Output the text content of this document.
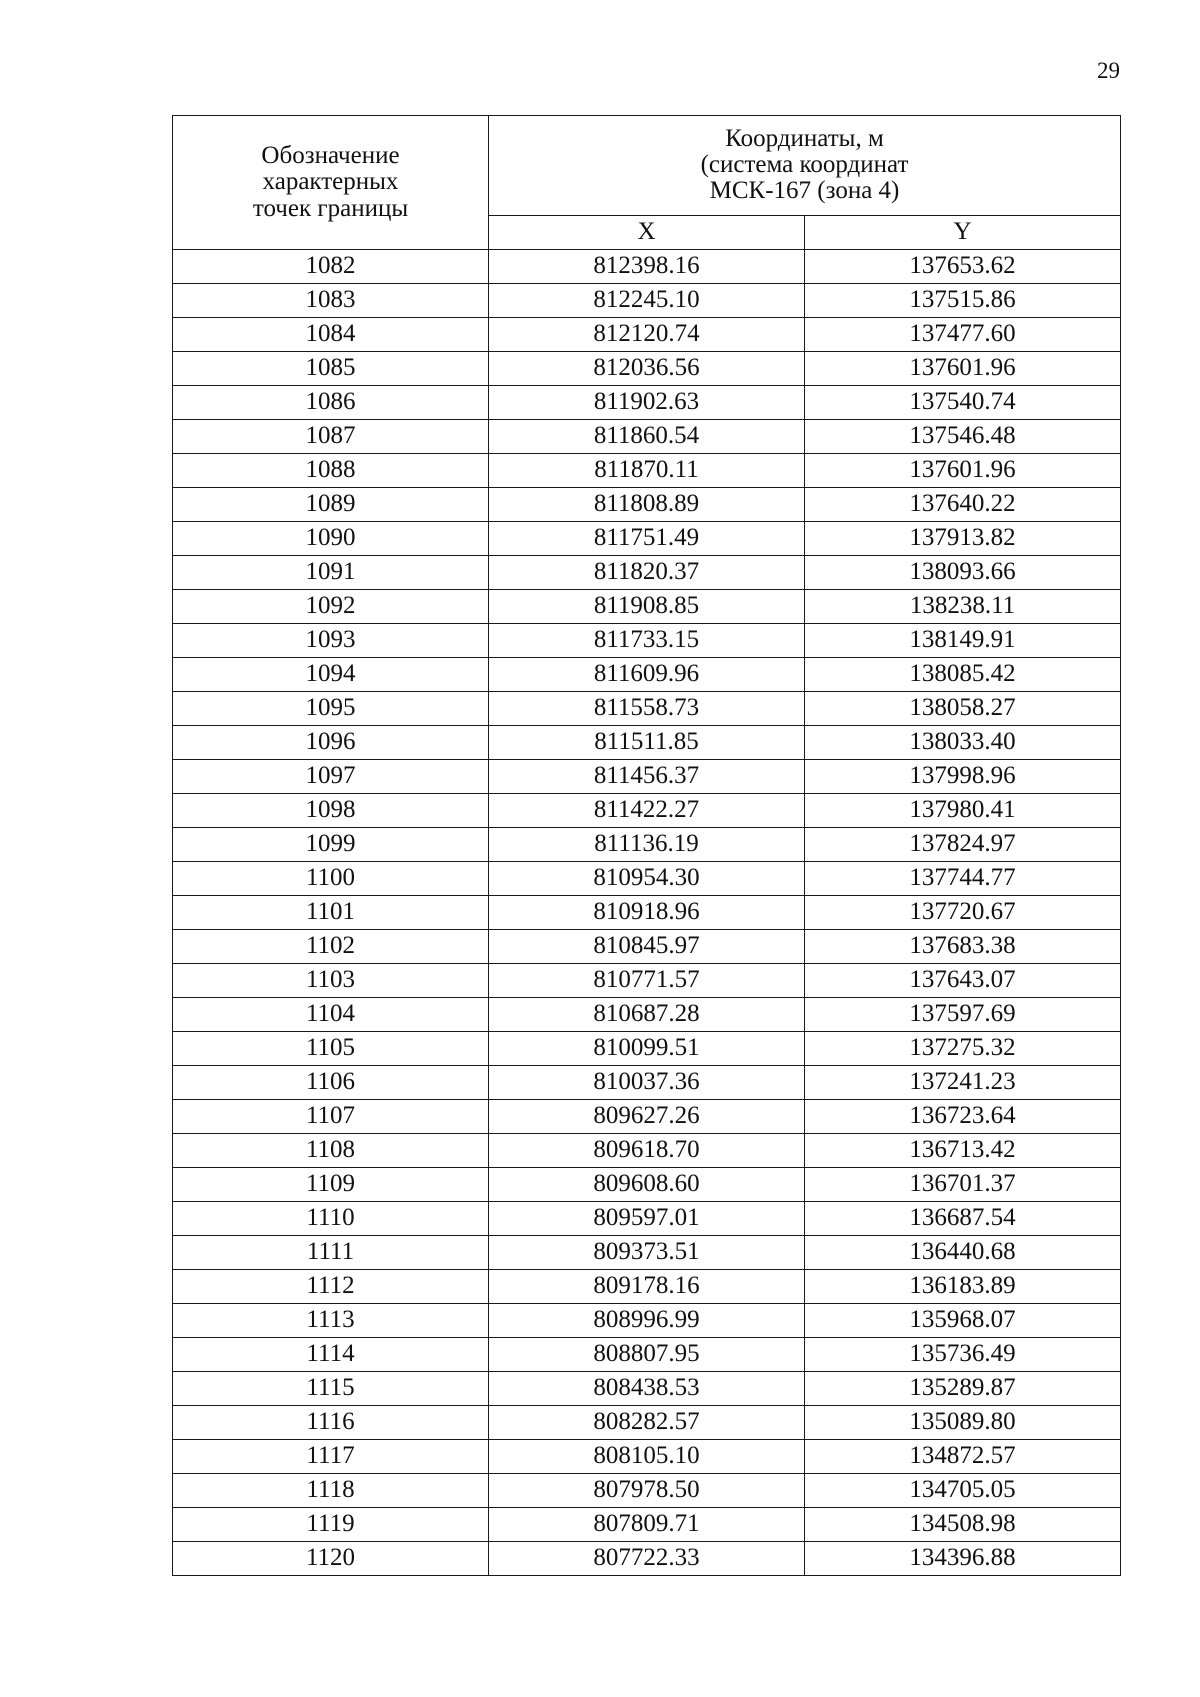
29
Обозначение
характерных
точек границы	Координаты, м
(система координат
МСК-167 (зона 4)	

	X	Y
1082	812398.16	137653.62
1083	812245.10	137515.86
1084	812120.74	137477.60
1085	812036.56	137601.96
1086	811902.63	137540.74
1087	811860.54	137546.48
1088	811870.11	137601.96
1089	811808.89	137640.22
1090	811751.49	137913.82
1091	811820.37	138093.66
1092	811908.85	138238.11
1093	811733.15	138149.91
1094	811609.96	138085.42
1095	811558.73	138058.27
1096	811511.85	138033.40
1097	811456.37	137998.96
1098	811422.27	137980.41
1099	811136.19	137824.97
1100	810954.30	137744.77
1101	810918.96	137720.67
1102	810845.97	137683.38
1103	810771.57	137643.07
1104	810687.28	137597.69
1105	810099.51	137275.32
1106	810037.36	137241.23
1107	809627.26	136723.64
1108	809618.70	136713.42
1109	809608.60	136701.37
1110	809597.01	136687.54
1111	809373.51	136440.68
1112	809178.16	136183.89
1113	808996.99	135968.07
1114	808807.95	135736.49
1115	808438.53	135289.87
1116	808282.57	135089.80
1117	808105.10	134872.57
1118	807978.50	134705.05
1119	807809.71	134508.98
1120	807722.33	134396.88
